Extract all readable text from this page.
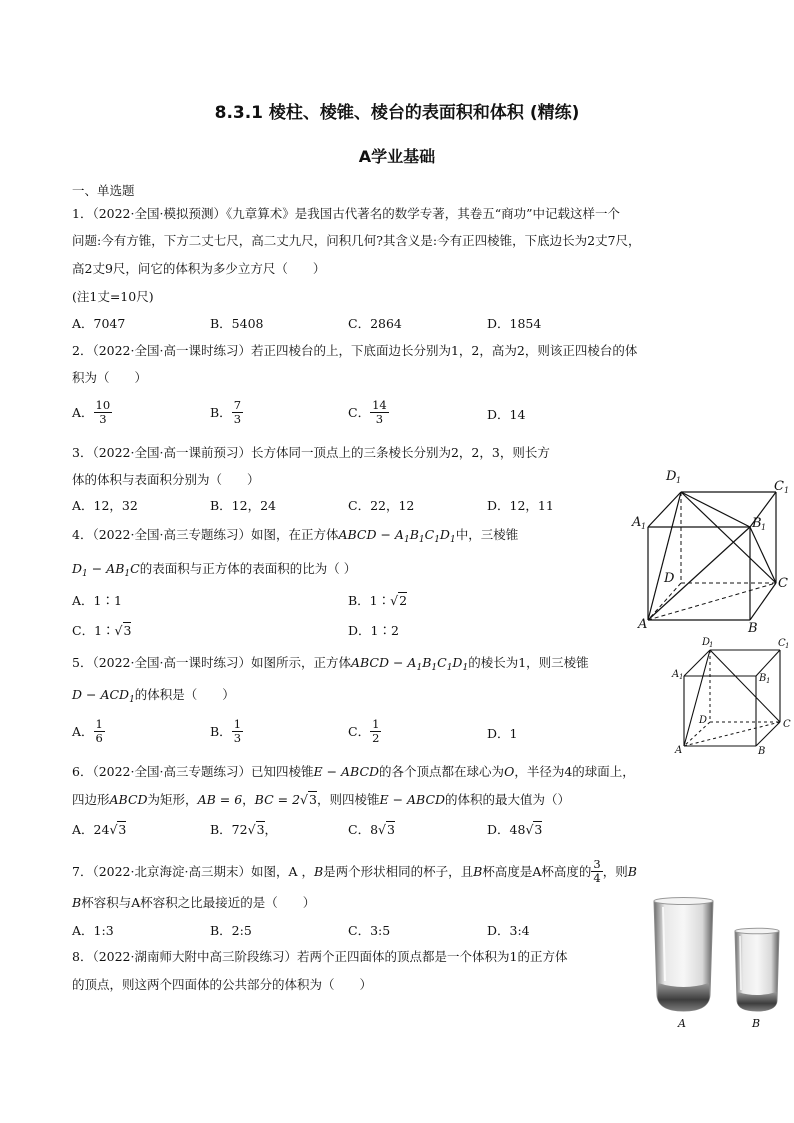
8.3.1 棱柱、棱锥、棱台的表面积和体积 (精练)
A学业基础
一、单选题
1．（2022·全国·模拟预测）《九章算术》是我国古代著名的数学专著，其卷五“商功”中记载这样一个
问题:今有方锥，下方二丈七尺，高二丈九尺，问积几何?其含义是:今有正四棱锥，下底边长为2丈7尺，
高2丈9尺，问它的体积为多少立方尺（　　）
(注1丈=10尺)
A．7047	B．5408	C．2864	D．1854
2．（2022·全国·高一课时练习）若正四棱台的上，下底面边长分别为1，2，高为2，则该正四棱台的体
积为（　　）
A． $\frac{10}{3}$	B． $\frac{7}{3}$	C． $\frac{14}{3}$	D．14
3．（2022·全国·高一课前预习）长方体同一顶点上的三条棱长分别为2，2，3，则长方
体的体积与表面积分别为（　　）
A．12，32	B．12，24	C．22，12	D．12，11
4．（2022·全国·高三专题练习）如图，在正方体ABCD − $A_1B_1C_1D_1$中，三棱锥
$D_1 - AB_1C$的表面积与正方体的表面积的比为（ ）
A．1∶1	B．1∶√2
C．1∶√3	D．1∶2
5．（2022·全国·高一课时练习）如图所示，正方体ABCD − $A_1B_1C_1D_1$的棱长为1，则三棱锥
$D - ACD_1$的体积是（　　）
A． $\frac{1}{6}$	B． $\frac{1}{3}$	C． $\frac{1}{2}$	D．1
6．（2022·全国·高三专题练习）已知四棱锥E − ABCD的各个顶点都在球心为O，半径为4的球面上，
四边形ABCD为矩形，AB = 6，BC = 2√3，则四棱锥E − ABCD的体积的最大值为（）
A．24√3	B．72√3，	C．8√3	D．48√3
7．（2022·北京海淀·高三期末）如图，A ， B 是两个形状相同的杯子，且 B 杯高度是A杯高度的 $\frac{3}{4}$ ，则 B
B杯容积与A杯容积之比最接近的是（　　）
A．1:3	B．2:5	C．3:5	D．3:4
8．（2022·湖南师大附中高三阶段练习）若两个正四面体的顶点都是一个体积为1的正方体
的顶点，则这两个四面体的公共部分的体积为（　　）
D 1	C 1
A 1	B 1
D	C
A	B
D
1	C 1
A 1	B 1
D	C
A	B
A	B
